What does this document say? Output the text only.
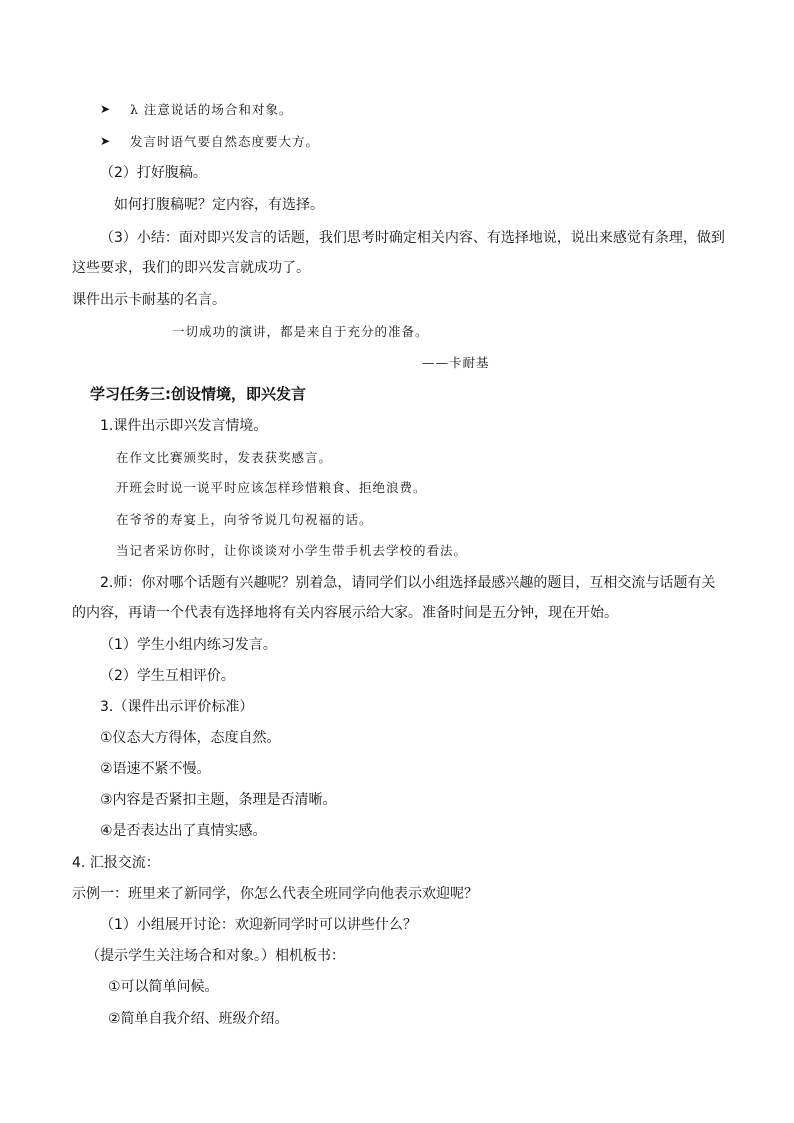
➤ λ 注意说话的场合和对象。
➤ 发言时语气要自然态度要大方。
（2）打好腹稿。
如何打腹稿呢？定内容，有选择。
（3）小结：面对即兴发言的话题，我们思考时确定相关内容、有选择地说，说出来感觉有条理，做到
这些要求，我们的即兴发言就成功了。
课件出示卡耐基的名言。
一切成功的演讲，都是来自于充分的准备。
——卡耐基
学习任务三:创设情境，即兴发言
1.课件出示即兴发言情境。
在作文比赛颁奖时，发表获奖感言。
开班会时说一说平时应该怎样珍惜粮食、拒绝浪费。
在爷爷的寿宴上，向爷爷说几句祝福的话。
当记者采访你时，让你谈谈对小学生带手机去学校的看法。
2.师：你对哪个话题有兴趣呢？别着急，请同学们以小组选择最感兴趣的题目，互相交流与话题有关
的内容，再请一个代表有选择地将有关内容展示给大家。准备时间是五分钟，现在开始。
（1）学生小组内练习发言。
（2）学生互相评价。
3.（课件出示评价标准）
①仪态大方得体，态度自然。
②语速不紧不慢。
③内容是否紧扣主题，条理是否清晰。
④是否表达出了真情实感。
4. 汇报交流：
示例一：班里来了新同学，你怎么代表全班同学向他表示欢迎呢？
（1）小组展开讨论：欢迎新同学时可以讲些什么？
（提示学生关注场合和对象。）相机板书：
①可以简单问候。
②简单自我介绍、班级介绍。
